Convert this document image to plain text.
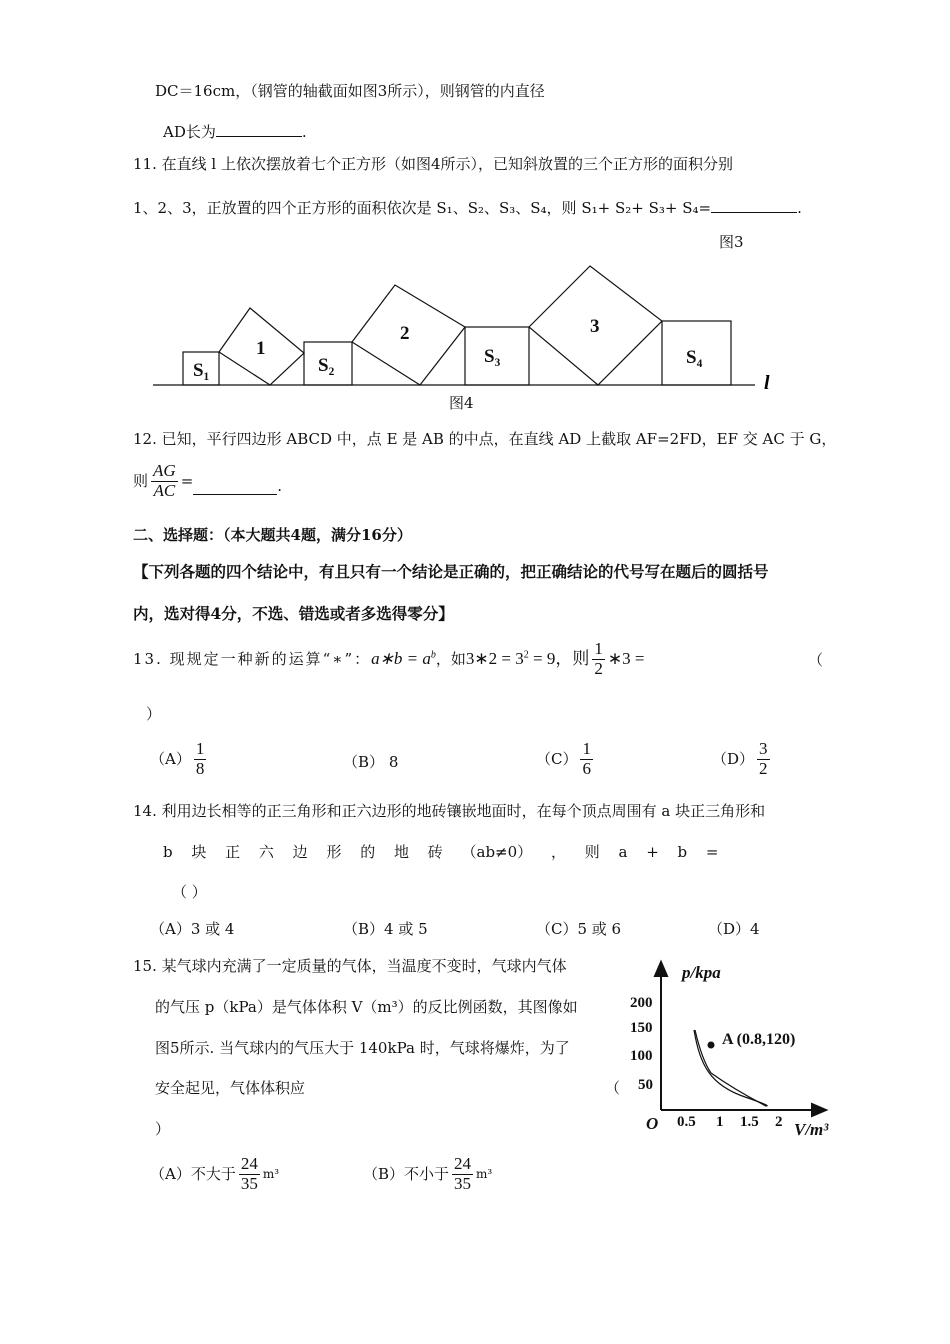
DC＝16cm，（钢管的轴截面如图3所示），则钢管的内直径
AD长为	.
11. 在直线 l 上依次摆放着七个正方形（如图4所示），已知斜放置的三个正方形的面积分别
1、2、3，正放置的四个正方形的面积依次是 S₁、S₂、S₃、S₄，则 S₁+ S₂+ S₃+ S₄=	.
图3
S₁	S₂	S₃	S₄
1
2	3
l
图4
12. 已知，平行四边形 ABCD 中，点 E 是 AB 的中点，在直线 AD 上截取 AF=2FD，EF 交 AC 于 G，
则 $\frac{AG}{AC}$ =	.
二、选择题：（本大题共4题，满分16分）
【下列各题的四个结论中，有且只有一个结论是正确的，把正确结论的代号写在题后的圆括号
内，选对得4分，不选、错选或者多选得零分】
13. 现规定一种新的运算“∗”： a∗b = $a^b$ ，如 3∗2 = $3^2 = 9$，则 $\frac{1}{2}$ ∗3 =	（
）
$(A) \frac{1}{8}$	（B） 8	$(C) \frac{1}{6}$	$(D) \frac{3}{2}$
14. 利用边长相等的正三角形和正六边形的地砖镶嵌地面时，在每个顶点周围有 a 块正三角形和
b 块 正 六 边 形 的 地 砖 （ab≠0） ， 则 a + b =
（ ）
（A）3 或 4	（B）4 或 5	（C）5 或 6	（D）4
15. 某气球内充满了一定质量的气体，当温度不变时，气球内气体
的气压 p（kPa）是气体体积 V（m³）的反比例函数，其图像如
图5所示. 当气球内的气压大于 140kPa 时，气球将爆炸，为了
安全起见，气体体积应	（
）
（A）不大于 $\frac{24}{35} m^3$	（B）不小于 $\frac{24}{35} m^3$
p/kpa
200
150
100
50
O 0.5 1 1.5 2 V/m³
A (0.8,120)
